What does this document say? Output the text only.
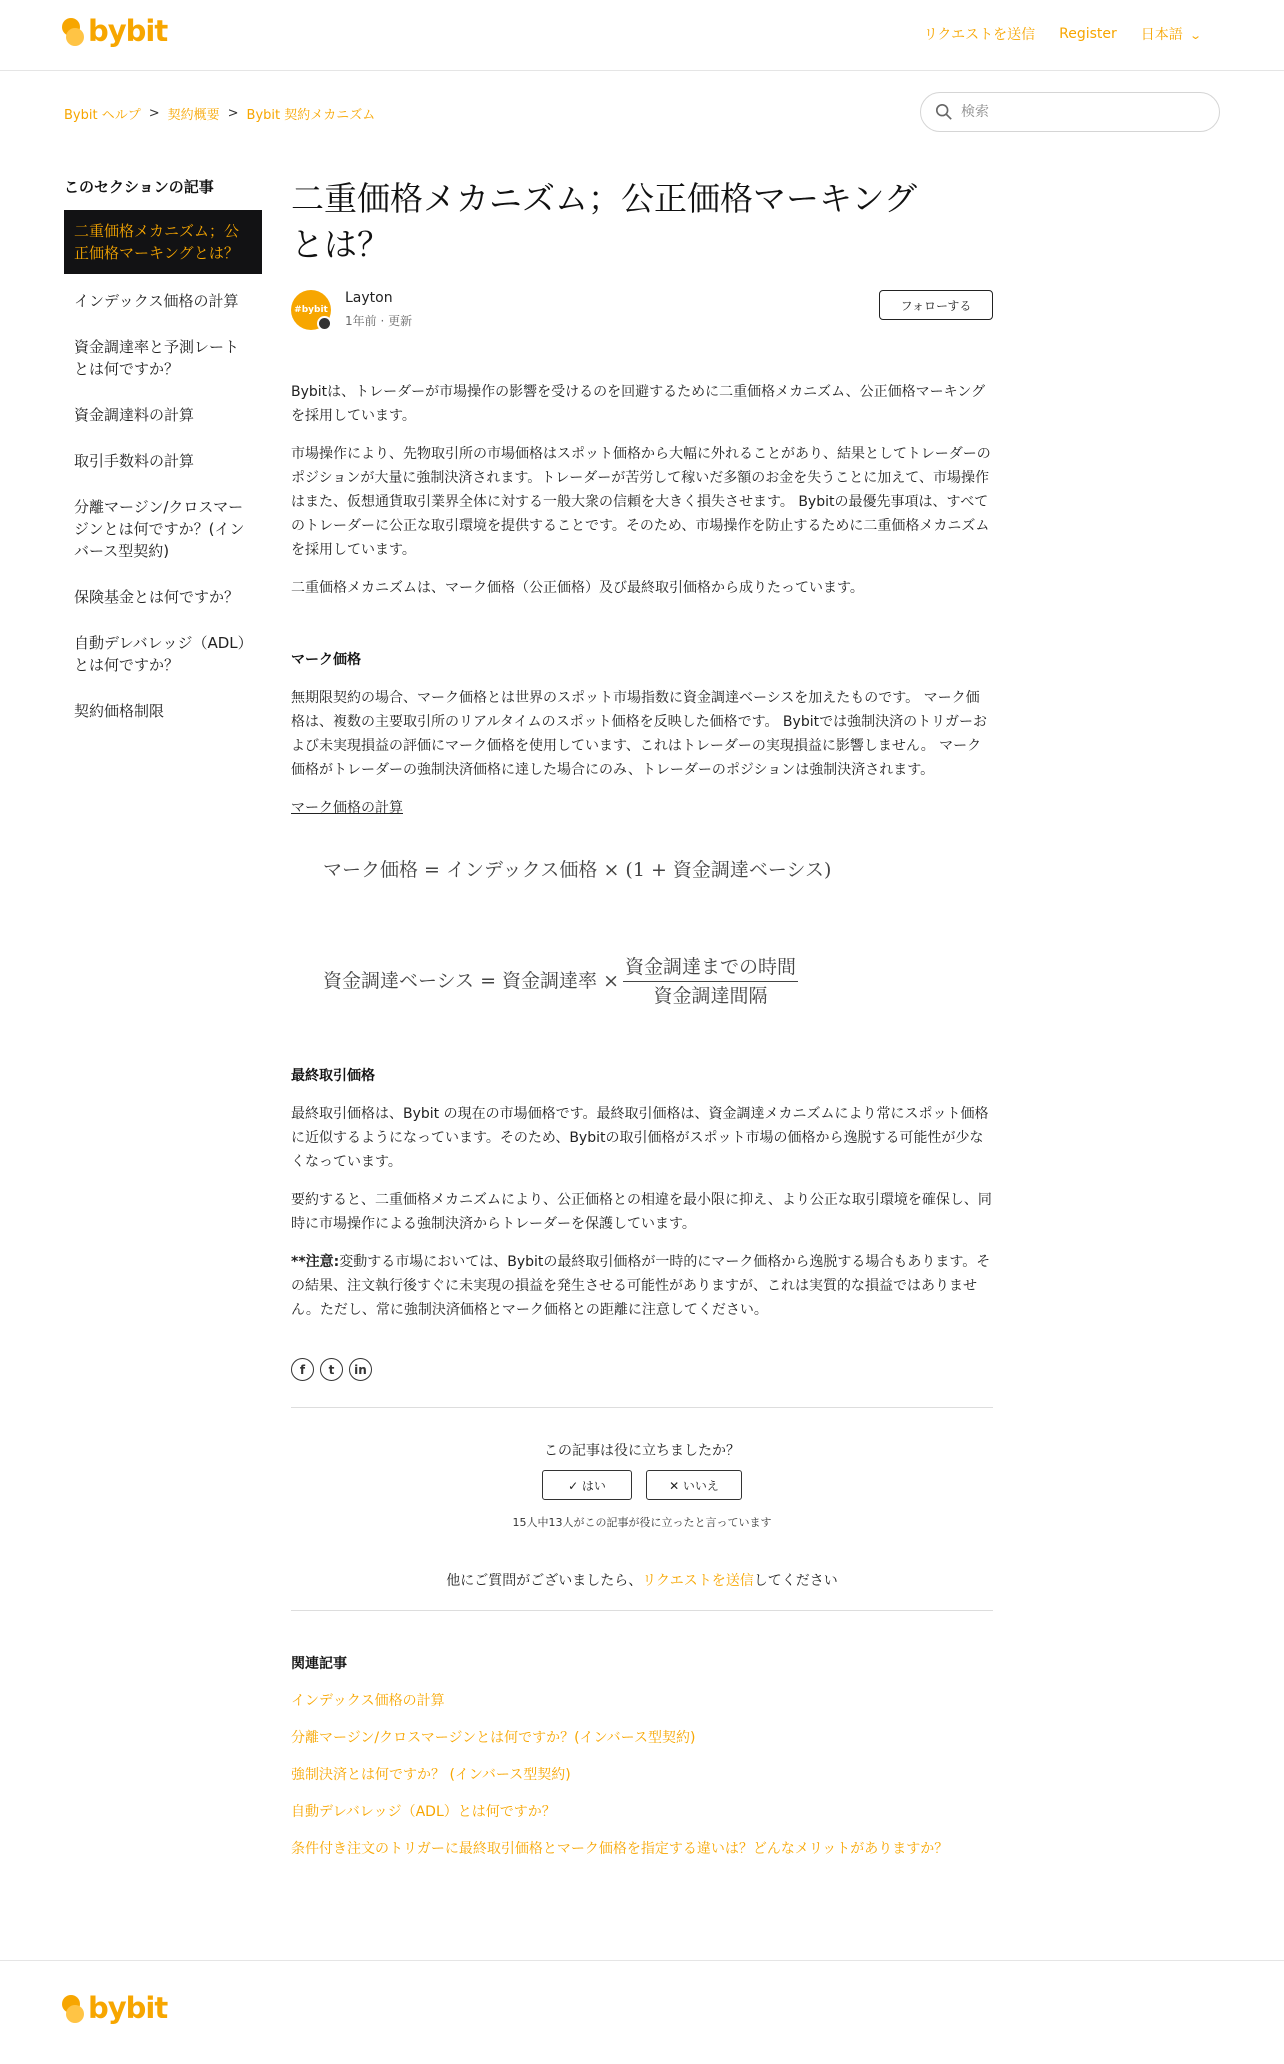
bybit	リクエストを送信 Register 日本語 ⌄
Bybit ヘルプ > 契約概要 > Bybit 契約メカニズム
検索
このセクションの記事
二重価格メカニズム；公正価格マーキングとは？
インデックス価格の計算
資金調達率と予測レートとは何ですか？
資金調達料の計算
取引手数料の計算
分離マージン/クロスマージンとは何ですか？(インバース型契約)
保険基金とは何ですか？
自動デレバレッジ（ADL）とは何ですか？
契約価格制限
二重価格メカニズム；公正価格マーキングとは？
#bybit
Layton
1年前 · 更新
フォローする

Bybitは、トレーダーが市場操作の影響を受けるのを回避するために二重価格メカニズム、公正価格マーキングを採用しています。

市場操作により、先物取引所の市場価格はスポット価格から大幅に外れることがあり、結果としてトレーダーのポジションが大量に強制決済されます。トレーダーが苦労して稼いだ多額のお金を失うことに加えて、市場操作はまた、仮想通貨取引業界全体に対する一般大衆の信頼を大きく損失させます。 Bybitの最優先事項は、すべてのトレーダーに公正な取引環境を提供することです。そのため、市場操作を防止するために二重価格メカニズムを採用しています。

二重価格メカニズムは、マーク価格（公正価格）及び最終取引価格から成りたっています。

マーク価格

無期限契約の場合、マーク価格とは世界のスポット市場指数に資金調達ベーシスを加えたものです。 マーク価格は、複数の主要取引所のリアルタイムのスポット価格を反映した価格です。 Bybitでは強制決済のトリガーおよび未実現損益の評価にマーク価格を使用しています、これはトレーダーの実現損益に影響しません。 マーク価格がトレーダーの強制決済価格に達した場合にのみ、トレーダーのポジションは強制決済されます。

マーク価格の計算

マーク価格 = インデックス価格 × (1 + 資金調達ベーシス)
資金調達ベーシス = 資金調達率 × $\frac{\text{資金調達までの時間}}{\text{資金調達間隔}}$
最終取引価格

最終取引価格は、Bybit の現在の市場価格です。最終取引価格は、資金調達メカニズムにより常にスポット価格に近似するようになっています。そのため、Bybitの取引価格がスポット市場の価格から逸脱する可能性が少なくなっています。

要約すると、二重価格メカニズムにより、公正価格との相違を最小限に抑え、より公正な取引環境を確保し、同時に市場操作による強制決済からトレーダーを保護しています。

**注意:変動する市場においては、Bybitの最終取引価格が一時的にマーク価格から逸脱する場合もあります。その結果、注文執行後すぐに未実現の損益を発生させる可能性がありますが、これは実質的な損益ではありません。ただし、常に強制決済価格とマーク価格との距離に注意してください。

f	t	in
この記事は役に立ちましたか？
✓ はい	✕ いいえ
15人中13人がこの記事が役に立ったと言っています
他にご質問がございましたら、リクエストを送信してください
関連記事
インデックス価格の計算
分離マージン/クロスマージンとは何ですか？(インバース型契約)
強制決済とは何ですか？ (インバース型契約)
自動デレバレッジ（ADL）とは何ですか？
条件付き注文のトリガーに最終取引価格とマーク価格を指定する違いは？どんなメリットがありますか？
bybit
